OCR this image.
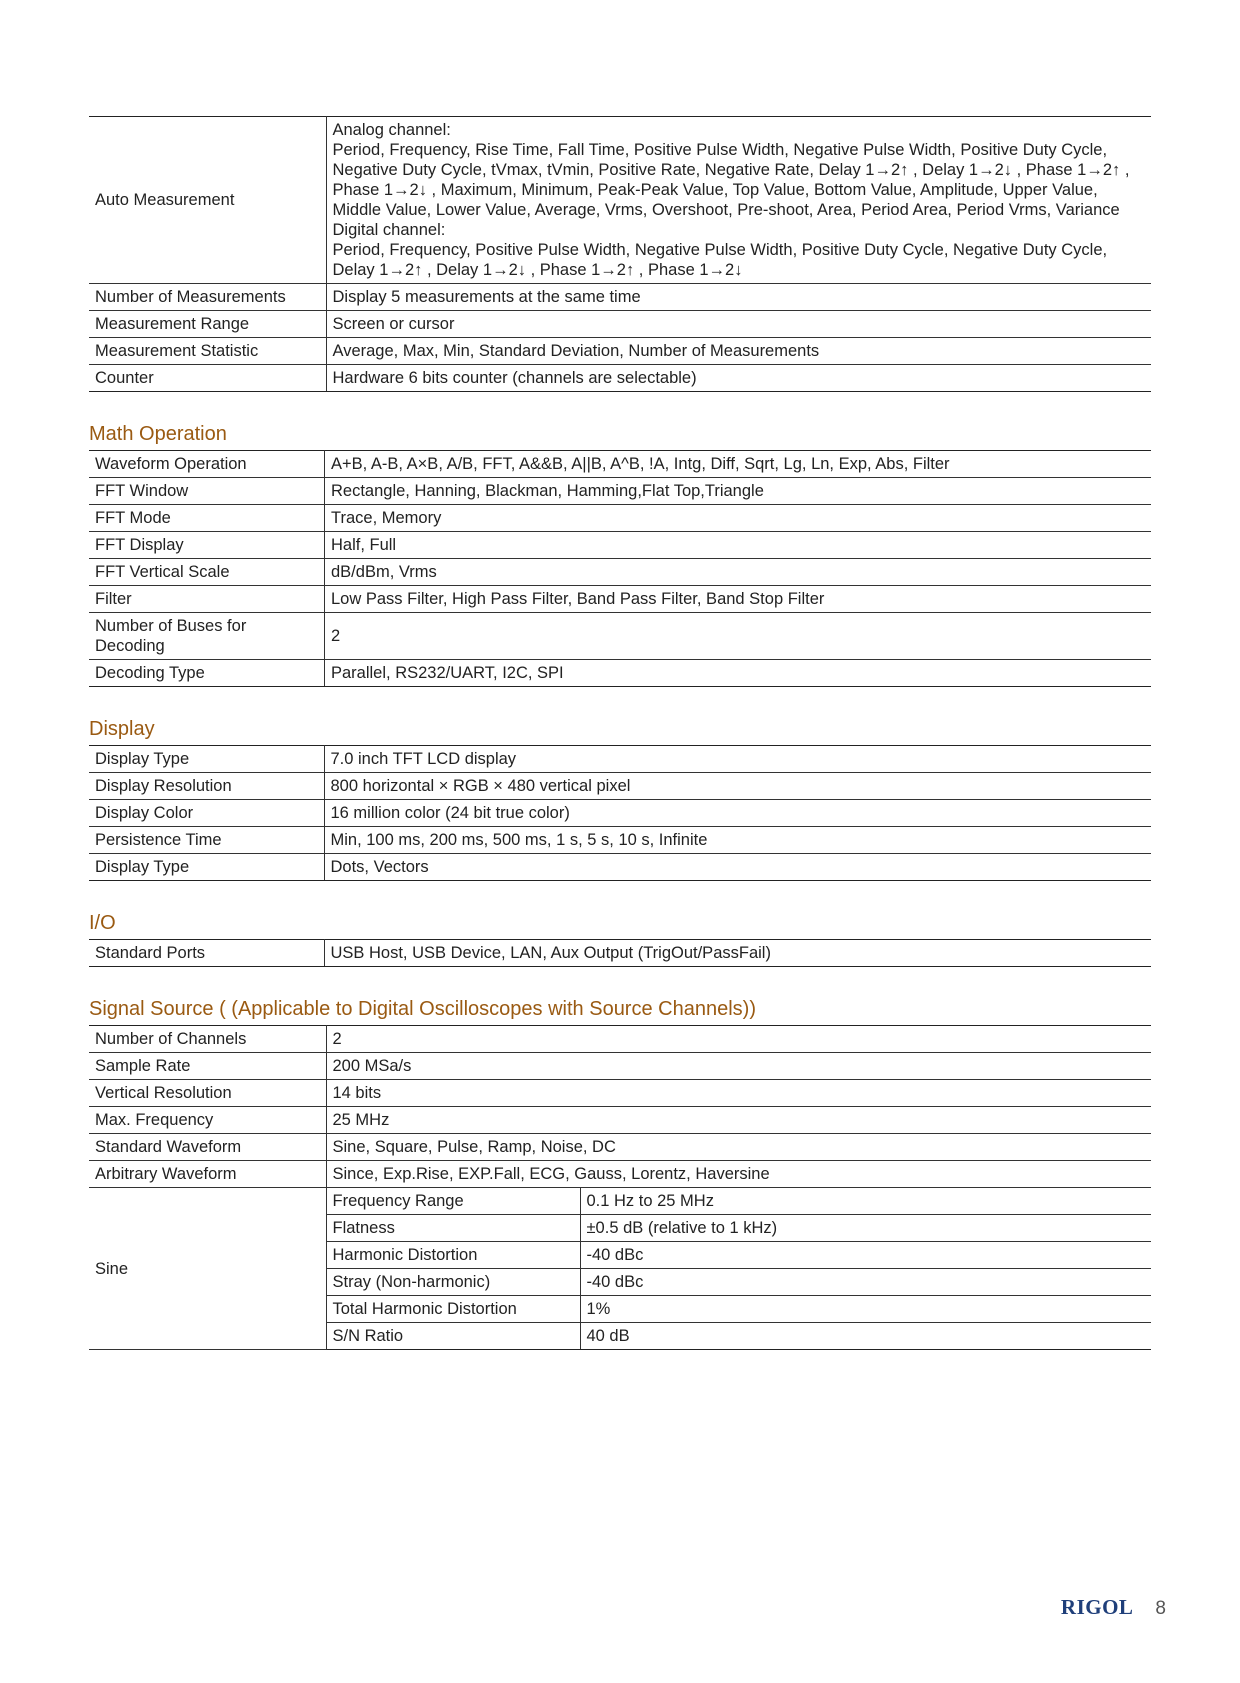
Auto Measurement	Analog channel:
Period, Frequency, Rise Time, Fall Time, Positive Pulse Width, Negative Pulse Width, Positive Duty Cycle, Negative Duty Cycle, tVmax, tVmin, Positive Rate, Negative Rate, Delay 1→2↑ , Delay 1→2↓ , Phase 1→2↑ , Phase 1→2↓ , Maximum, Minimum, Peak-Peak Value, Top Value, Bottom Value, Amplitude, Upper Value, Middle Value, Lower Value, Average, Vrms, Overshoot, Pre-shoot, Area, Period Area, Period Vrms, Variance
Digital channel:
Period, Frequency, Positive Pulse Width, Negative Pulse Width, Positive Duty Cycle, Negative Duty Cycle, Delay 1→2↑ , Delay 1→2↓ , Phase 1→2↑ , Phase 1→2↓

Number of Measurements	Display 5 measurements at the same time
Measurement Range	Screen or cursor
Measurement Statistic	Average, Max, Min, Standard Deviation, Number of Measurements
Counter	Hardware 6 bits counter (channels are selectable)
Math Operation
Waveform Operation	A+B, A-B, A×B, A/B, FFT, A&&B, A||B, A^B, !A, Intg, Diff, Sqrt, Lg, Ln, Exp, Abs, Filter
FFT Window	Rectangle, Hanning, Blackman, Hamming,Flat Top,Triangle
FFT Mode	Trace, Memory
FFT Display	Half, Full
FFT Vertical Scale	dB/dBm, Vrms
Filter	Low Pass Filter, High Pass Filter, Band Pass Filter, Band Stop Filter
Number of Buses for Decoding	2
Decoding Type	Parallel, RS232/UART, I2C, SPI
Display
Display Type	7.0 inch TFT LCD display
Display Resolution	800 horizontal × RGB × 480 vertical pixel
Display Color	16 million color (24 bit true color)
Persistence Time	Min, 100 ms, 200 ms, 500 ms, 1 s, 5 s, 10 s, Infinite
Display Type	Dots, Vectors
I/O
Standard Ports	USB Host, USB Device, LAN, Aux Output (TrigOut/PassFail)
Signal Source ( (Applicable to Digital Oscilloscopes with Source Channels))
Number of Channels	2	
Sample Rate	200 MSa/s	
Vertical Resolution	14 bits	
Max. Frequency	25 MHz	
Standard Waveform	Sine, Square, Pulse, Ramp, Noise, DC	
Arbitrary Waveform	Since, Exp.Rise, EXP.Fall, ECG, Gauss, Lorentz, Haversine	
Sine	Frequency Range	0.1 Hz to 25 MHz
	Flatness	±0.5 dB (relative to 1 kHz)
	Harmonic Distortion	-40 dBc
	Stray (Non-harmonic)	-40 dBc
	Total Harmonic Distortion	1%
	S/N Ratio	40 dB
RIGOL 8
